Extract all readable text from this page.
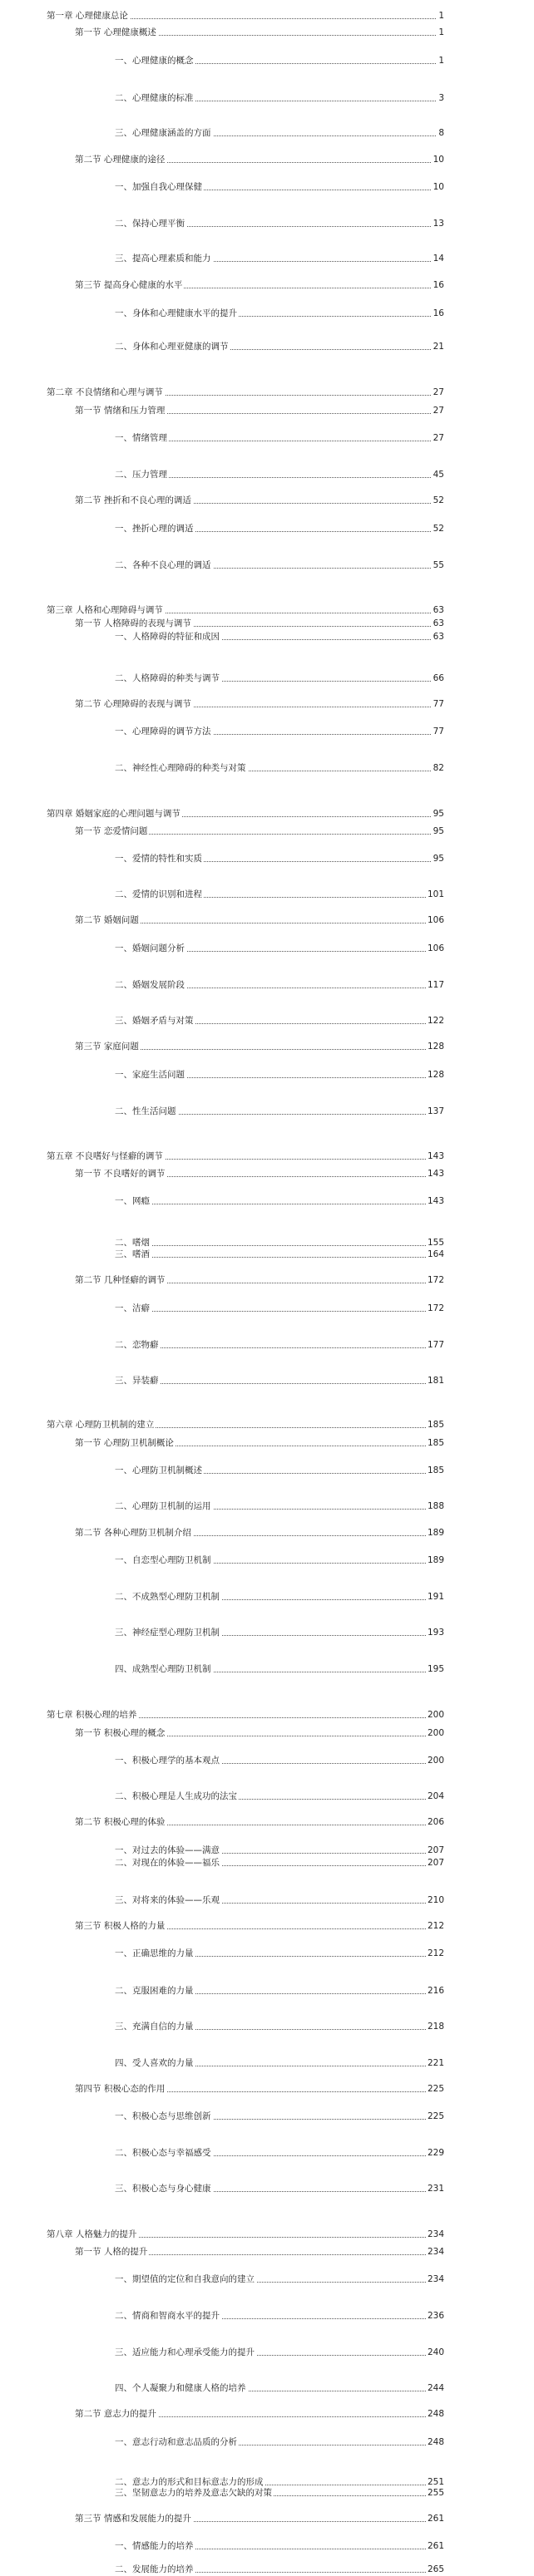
第一章 心理健康总论	1
第一节 心理健康概述	1
一、心理健康的概念	1
二、心理健康的标准	3
三、心理健康涵盖的方面	8
第二节 心理健康的途径	10
一、加强自我心理保健	10
二、保持心理平衡	13
三、提高心理素质和能力	14
第三节 提高身心健康的水平	16
一、身体和心理健康水平的提升	16
二、身体和心理亚健康的调节	21
第二章 不良情绪和心理与调节	27
第一节 情绪和压力管理	27
一、情绪管理	27
二、压力管理	45
第二节 挫折和不良心理的调适	52
一、挫折心理的调适	52
二、各种不良心理的调适	55
第三章 人格和心理障碍与调节	63
第一节 人格障碍的表现与调节	63
一、人格障碍的特征和成因	63
二、人格障碍的种类与调节	66
第二节 心理障碍的表现与调节	77
一、心理障碍的调节方法	77
二、神经性心理障碍的种类与对策	82
第四章 婚姻家庭的心理问题与调节	95
第一节 恋爱情问题	95
一、爱情的特性和实质	95
二、爱情的识别和进程	101
第二节 婚姻问题	106
一、婚姻问题分析	106
二、婚姻发展阶段	117
三、婚姻矛盾与对策	122
第三节 家庭问题	128
一、家庭生活问题	128
二、性生活问题	137
第五章 不良嗜好与怪癖的调节	143
第一节 不良嗜好的调节	143
一、网瘾	143
二、嗜烟	155
三、嗜酒	164
第二节 几种怪癖的调节	172
一、洁癖	172
二、恋物癖	177
三、异装癖	181
第六章 心理防卫机制的建立	185
第一节 心理防卫机制概论	185
一、心理防卫机制概述	185
二、心理防卫机制的运用	188
第二节 各种心理防卫机制介绍	189
一、自恋型心理防卫机制	189
二、不成熟型心理防卫机制	191
三、神经症型心理防卫机制	193
四、成熟型心理防卫机制	195
第七章 积极心理的培养	200
第一节 积极心理的概念	200
一、积极心理学的基本观点	200
二、积极心理是人生成功的法宝	204
第二节 积极心理的体验	206
一、对过去的体验——满意	207
二、对现在的体验——福乐	207
三、对将来的体验——乐观	210
第三节 积极人格的力量	212
一、正确思维的力量	212
二、克服困难的力量	216
三、充满自信的力量	218
四、受人喜欢的力量	221
第四节 积极心态的作用	225
一、积极心态与思维创新	225
二、积极心态与幸福感受	229
三、积极心态与身心健康	231
第八章 人格魅力的提升	234
第一节 人格的提升	234
一、期望值的定位和自我意向的建立	234
二、情商和智商水平的提升	236
三、适应能力和心理承受能力的提升	240
四、个人凝聚力和健康人格的培养	244
第二节 意志力的提升	248
一、意志行动和意志品质的分析	248
二、意志力的形式和目标意志力的形成	251
三、坚韧意志力的培养及意志欠缺的对策	255
第三节 情感和发展能力的提升	261
一、情感能力的培养	261
二、发展能力的培养	265
